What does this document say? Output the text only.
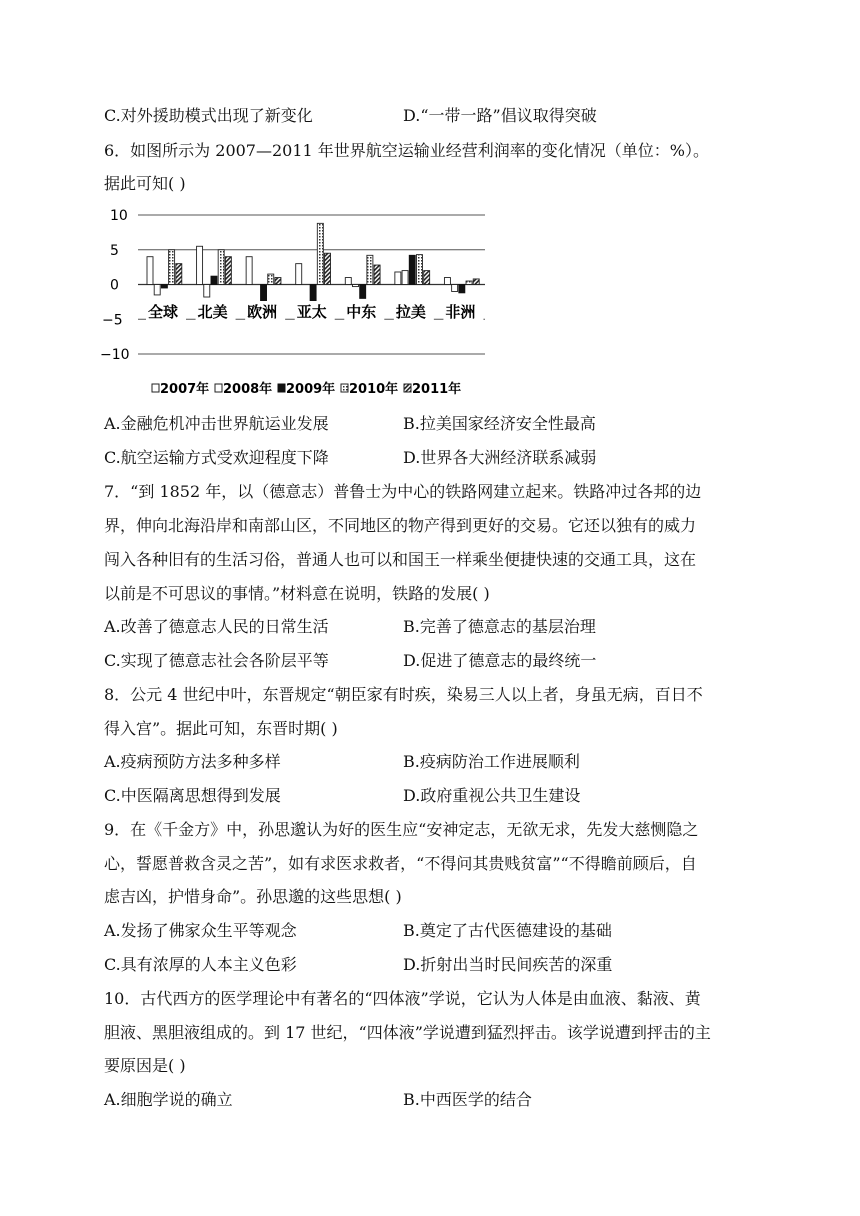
C.对外援助模式出现了新变化	D.“一带一路”倡议取得突破
6．如图所示为 2007—2011 年世界航空运输业经营利润率的变化情况（单位：%）。
据此可知( )
10
5
0
−5
−10
全球 北美 欧洲 亚太 中东 拉美 非洲
2007年 2008年 2009年 2010年 2011年
A.金融危机冲击世界航运业发展	B.拉美国家经济安全性最高
C.航空运输方式受欢迎程度下降	D.世界各大洲经济联系减弱
7．“到 1852 年，以（德意志）普鲁士为中心的铁路网建立起来。铁路冲过各邦的边
界，伸向北海沿岸和南部山区，不同地区的物产得到更好的交易。它还以独有的威力
闯入各种旧有的生活习俗，普通人也可以和国王一样乘坐便捷快速的交通工具，这在
以前是不可思议的事情。”材料意在说明，铁路的发展( )
A.改善了德意志人民的日常生活	B.完善了德意志的基层治理
C.实现了德意志社会各阶层平等	D.促进了德意志的最终统一
8．公元 4 世纪中叶，东晋规定“朝臣家有时疾，染易三人以上者，身虽无病，百日不
得入宫”。据此可知，东晋时期( )
A.疫病预防方法多种多样	B.疫病防治工作进展顺利
C.中医隔离思想得到发展	D.政府重视公共卫生建设
9．在《千金方》中，孙思邈认为好的医生应“安神定志，无欲无求，先发大慈恻隐之
心，誓愿普救含灵之苦”，如有求医求救者，“不得问其贵贱贫富”“不得瞻前顾后，自
虑吉凶，护惜身命”。孙思邈的这些思想( )
A.发扬了佛家众生平等观念	B.奠定了古代医德建设的基础
C.具有浓厚的人本主义色彩	D.折射出当时民间疾苦的深重
10．古代西方的医学理论中有著名的“四体液”学说，它认为人体是由血液、黏液、黄
胆液、黑胆液组成的。到 17 世纪，“四体液”学说遭到猛烈抨击。该学说遭到抨击的主
要原因是( )
A.细胞学说的确立	B.中西医学的结合
